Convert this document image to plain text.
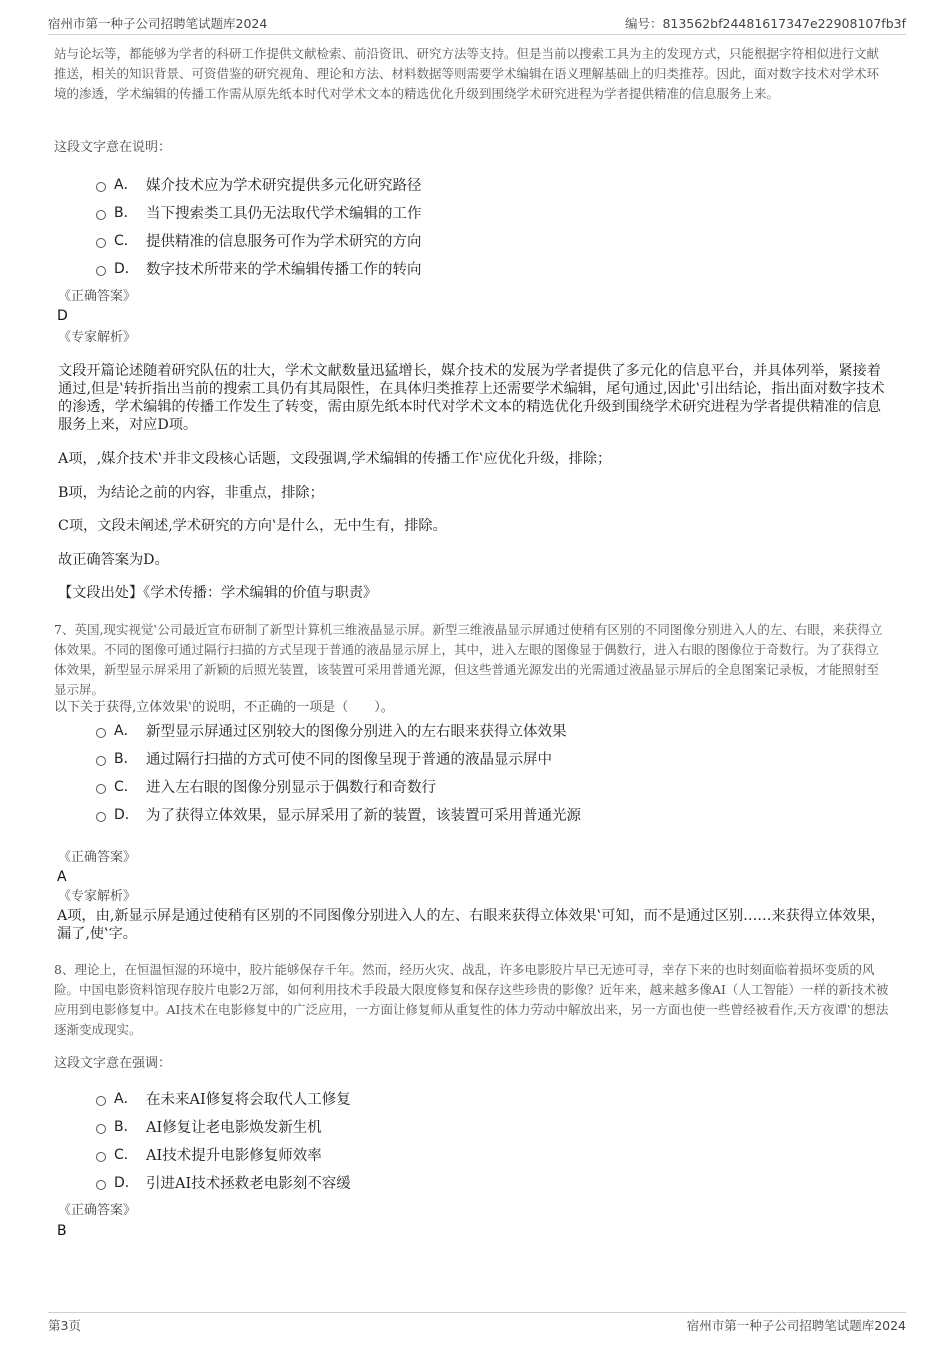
宿州市第一种子公司招聘笔试题库2024	编号：813562bf24481617347e22908107fb3f

站与论坛等，都能够为学者的科研工作提供文献检索、前沿资讯、研究方法等支持。但是当前以搜索工具为主的发现方式，只能根据字符相似进行文献推送，相关的知识背景、可资借鉴的研究视角、理论和方法、材料数据等则需要学术编辑在语义理解基础上的归类推荐。因此，面对数字技术对学术环境的渗透，学术编辑的传播工作需从原先纸本时代对学术文本的精选优化升级到围绕学术研究进程为学者提供精准的信息服务上来。

这段文字意在说明：
A． 媒介技术应为学术研究提供多元化研究路径
B． 当下搜索类工具仍无法取代学术编辑的工作
C． 提供精准的信息服务可作为学术研究的方向
D． 数字技术所带来的学术编辑传播工作的转向
《正确答案》
D
《专家解析》

文段开篇论述随着研究队伍的壮大，学术文献数量迅猛增长，媒介技术的发展为学者提供了多元化的信息平台，并具体列举，紧接着通过‚但是‛转折指出当前的搜索工具仍有其局限性，在具体归类推荐上还需要学术编辑，尾句通过‚因此‛引出结论，指出面对数字技术的渗透，学术编辑的传播工作发生了转变，需由原先纸本时代对学术文本的精选优化升级到围绕学术研究进程为学者提供精准的信息服务上来，对应D项。

A项，‚媒介技术‛并非文段核心话题，文段强调‚学术编辑的传播工作‛应优化升级，排除；

B项，为结论之前的内容，非重点，排除；

C项，文段未阐述‚学术研究的方向‛是什么，无中生有，排除。

故正确答案为D。

【文段出处】《学术传播：学术编辑的价值与职责》

7、英国‚现实视觉‛公司最近宣布研制了新型计算机三维液晶显示屏。新型三维液晶显示屏通过使稍有区别的不同图像分别进入人的左、右眼，来获得立体效果。不同的图像可通过隔行扫描的方式呈现于普通的液晶显示屏上，其中，进入左眼的图像显于偶数行，进入右眼的图像位于奇数行。为了获得立体效果，新型显示屏采用了新颖的后照光装置，该装置可采用普通光源，但这些普通光源发出的光需通过液晶显示屏后的全息图案记录板，才能照射至显示屏。

以下关于获得‚立体效果‛的说明，不正确的一项是（　　）。
A． 新型显示屏通过区别较大的图像分别进入的左右眼来获得立体效果
B． 通过隔行扫描的方式可使不同的图像呈现于普通的液晶显示屏中
C． 进入左右眼的图像分别显示于偶数行和奇数行
D． 为了获得立体效果，显示屏采用了新的装置，该装置可采用普通光源
《正确答案》
A
《专家解析》

A项，由‚新显示屏是通过使稍有区别的不同图像分别进入人的左、右眼来获得立体效果‛可知，而不是通过区别……来获得立体效果，漏了‚使‛字。

8、理论上，在恒温恒湿的环境中，胶片能够保存千年。然而，经历火灾、战乱，许多电影胶片早已无迹可寻，幸存下来的也时刻面临着损坏变质的风险。中国电影资料馆现存胶片电影2万部，如何利用技术手段最大限度修复和保存这些珍贵的影像？近年来，越来越多像AI（人工智能）一样的新技术被应用到电影修复中。AI技术在电影修复中的广泛应用，一方面让修复师从重复性的体力劳动中解放出来，另一方面也使一些曾经被看作‚天方夜谭‛的想法逐渐变成现实。

这段文字意在强调：
A． 在未来AI修复将会取代人工修复
B． AI修复让老电影焕发新生机
C． AI技术提升电影修复师效率
D． 引进AI技术拯救老电影刻不容缓
《正确答案》
B
第3页	宿州市第一种子公司招聘笔试题库2024
